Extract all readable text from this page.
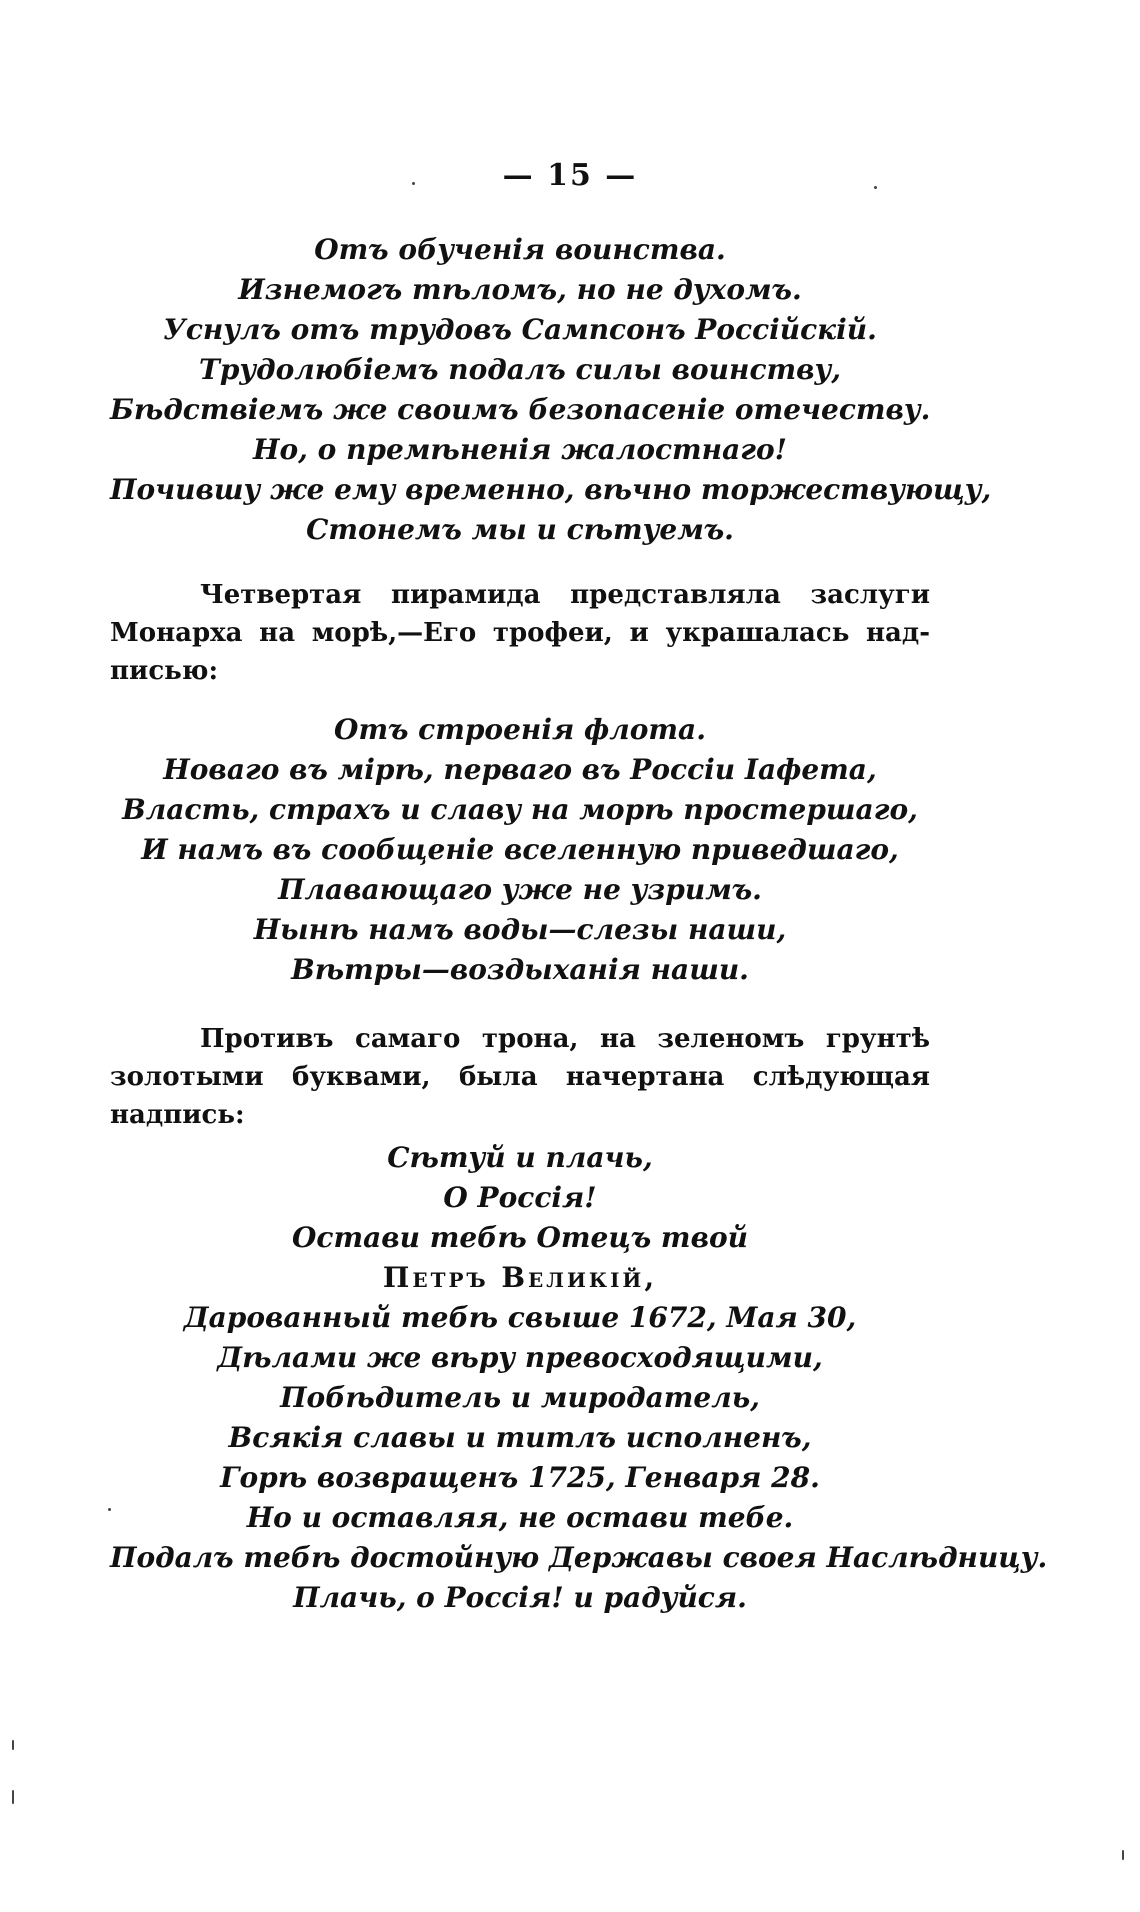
— 15 —
Отъ обученія воинства.
Изнемогъ тѣломъ, но не духомъ.
Уснулъ отъ трудовъ Сампсонъ Россійскій.
Трудолюбіемъ подалъ силы воинству,
Бѣдствіемъ же своимъ безопасеніе отечеству.
Но, о премѣненія жалостнаго!
Почившу же ему временно, вѣчно торжествующу,
Стонемъ мы и сѣтуемъ.
Четвертая пирамида представляла заслуги
Монарха на морѣ,—Его трофеи, и украшалась над-
писью:
Отъ строенія флота.
Новаго въ мірѣ, перваго въ Россіи Іафета,
Власть, страхъ и славу на морѣ простершаго,
И намъ въ сообщеніе вселенную приведшаго,
Плавающаго уже не узримъ.
Нынѣ намъ воды—слезы наши,
Вѣтры—воздыханія наши.
Противъ самаго трона, на зеленомъ грунтѣ
золотыми буквами, была начертана слѣдующая
надпись:
Сѣтуй и плачь,
О Россія!
Остави тебѣ Отецъ твой
Петръ Великій,
Дарованный тебѣ свыше 1672, Мая 30,
Дѣлами же вѣру превосходящими,
Побѣдитель и миродатель,
Всякія славы и титлъ исполненъ,
Горѣ возвращенъ 1725, Генваря 28.
Но и оставляя, не остави тебе.
Подалъ тебѣ достойную Державы своея Наслѣдницу.
Плачь, о Россія! и радуйся.
